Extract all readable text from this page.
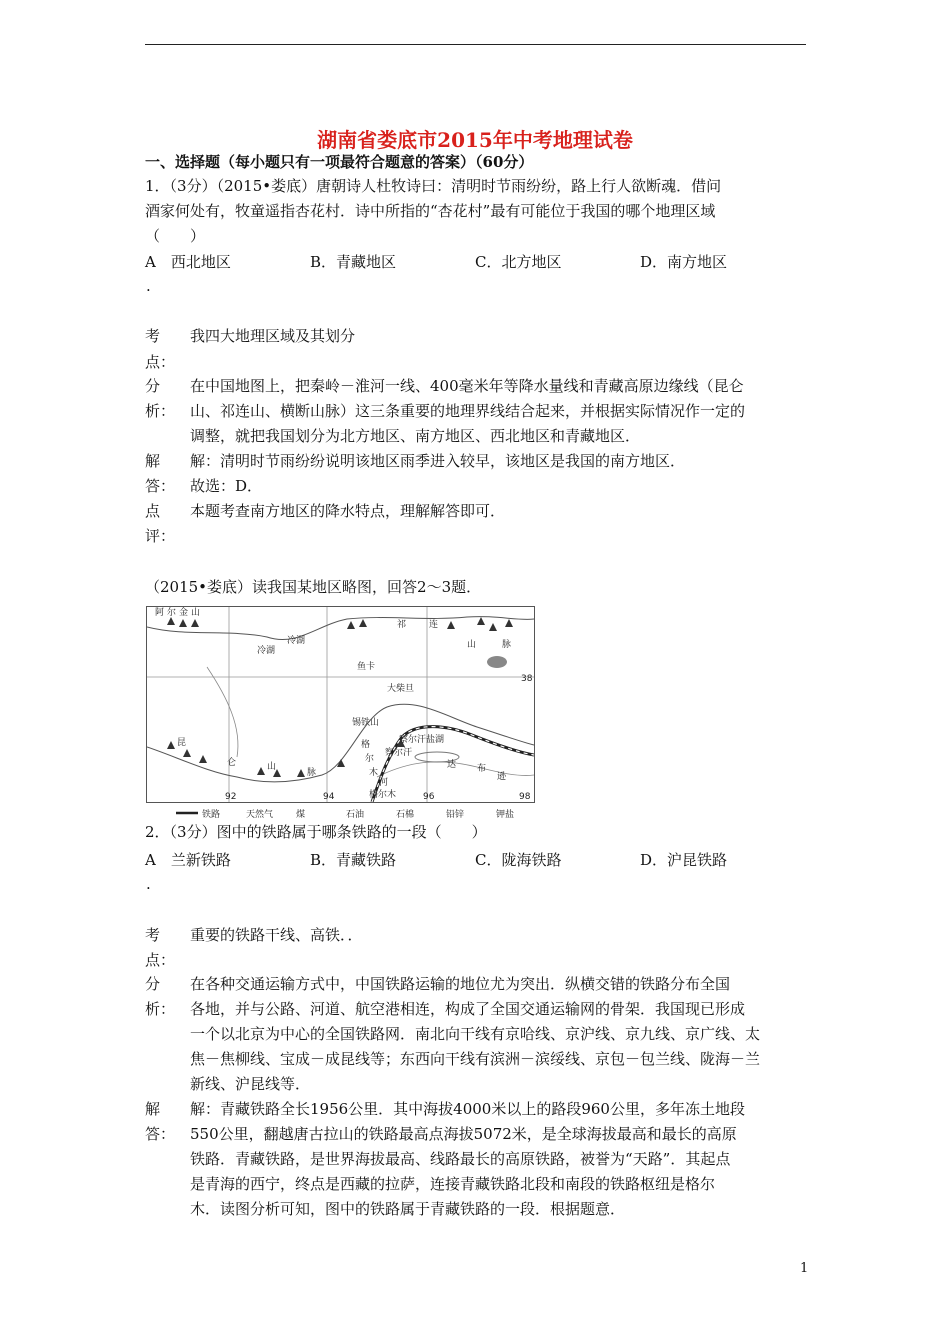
湖南省娄底市2015年中考地理试卷
一、选择题（每小题只有一项最符合题意的答案）（60分）
1．（3分）（2015•娄底）唐朝诗人杜牧诗曰：清明时节雨纷纷，路上行人欲断魂．借问
酒家何处有，牧童遥指杏花村．诗中所指的“杏花村”最有可能位于我国的哪个地理区域
（　　）
A　西北地区	B．青藏地区	C．北方地区	D．南方地区
.
考
点：
我四大地理区域及其划分
分
析：
在中国地图上，把秦岭－淮河一线、400毫米年等降水量线和青藏高原边缘线（昆仑
山、祁连山、横断山脉）这三条重要的地理界线结合起来，并根据实际情况作一定的
调整，就把我国划分为北方地区、南方地区、西北地区和青藏地区．
解
答：
解：清明时节雨纷纷说明该地区雨季进入较早，该地区是我国的南方地区．
故选：D．
点
评：
本题考查南方地区的降水特点，理解解答即可．
（2015•娄底）读我国某地区略图，回答2～3题．
阿 尔 金 山
冷湖
冷湖
祁	连
山	脉
鱼卡
大柴旦
锡铁山
察尔汗盐湖
格尔木
昆
仑	山
脉
格
尔
木
河
达 布
逊
察尔汗
92	94	96	98
38
铁路	天然气	煤	石油	石棉	铅锌	钾盐
2．（3分）图中的铁路属于哪条铁路的一段（　　）
A　兰新铁路	B．青藏铁路	C．陇海铁路	D．沪昆铁路
.
考
点：
重要的铁路干线、高铁．．
分
析：
在各种交通运输方式中，中国铁路运输的地位尤为突出．纵横交错的铁路分布全国
各地，并与公路、河道、航空港相连，构成了全国交通运输网的骨架．我国现已形成
一个以北京为中心的全国铁路网．南北向干线有京哈线、京沪线、京九线、京广线、太
焦－焦柳线、宝成－成昆线等；东西向干线有滨洲－滨绥线、京包－包兰线、陇海－兰
新线、沪昆线等．
解
答：
解：青藏铁路全长1956公里．其中海拔4000米以上的路段960公里，多年冻土地段
550公里，翻越唐古拉山的铁路最高点海拔5072米，是全球海拔最高和最长的高原
铁路．青藏铁路，是世界海拔最高、线路最长的高原铁路，被誉为“天路”．其起点
是青海的西宁，终点是西藏的拉萨，连接青藏铁路北段和南段的铁路枢纽是格尔
木．读图分析可知，图中的铁路属于青藏铁路的一段．根据题意．
1
